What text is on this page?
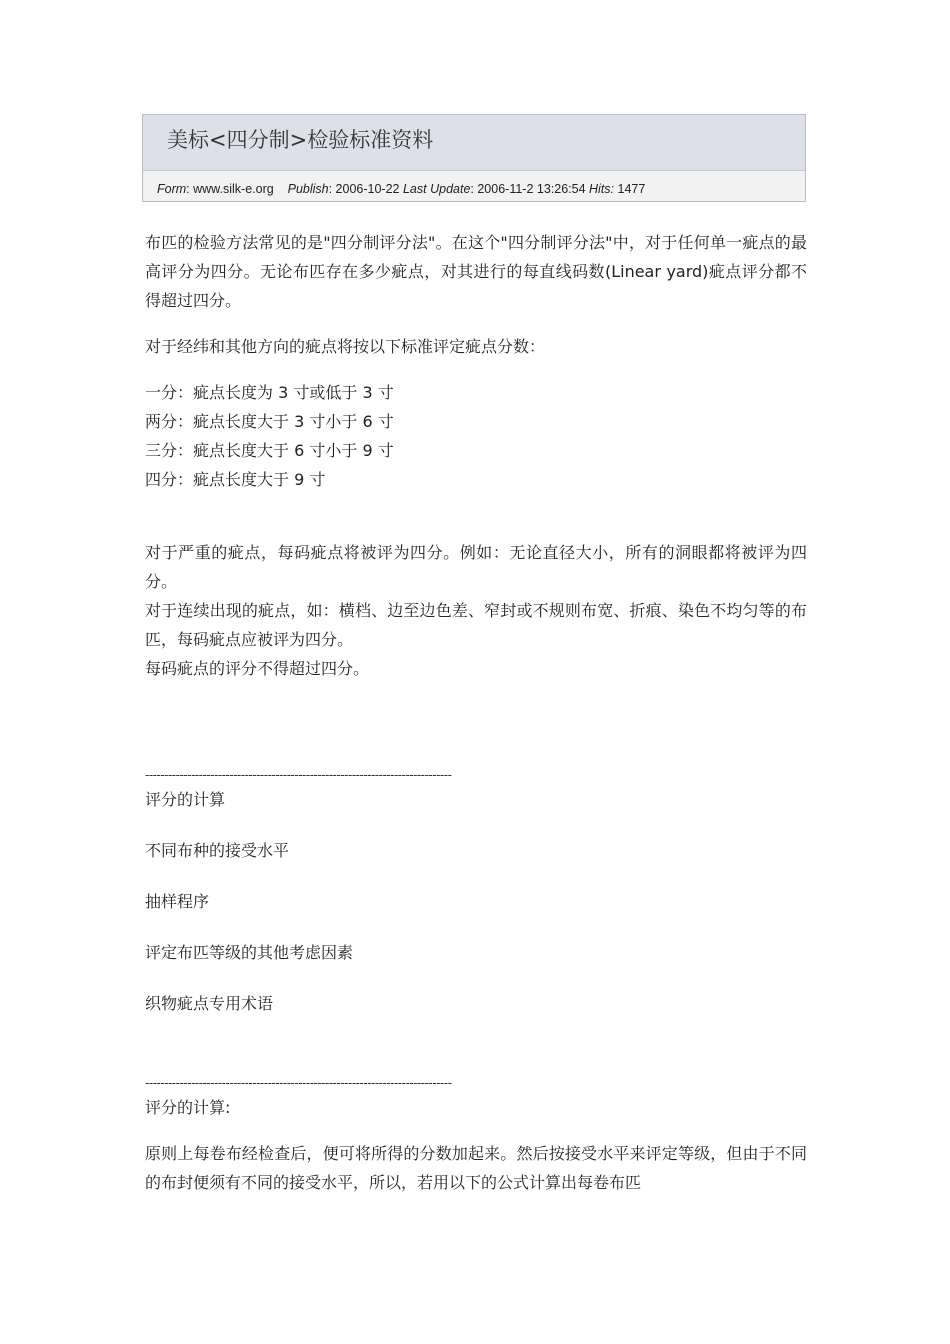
美标<四分制>检验标准资料
Form: www.silk-e.org Publish: 2006-10-22 Last Update: 2006-11-2 13:26:54 Hits: 1477

布匹的检验方法常见的是"四分制评分法"。在这个"四分制评分法"中，对于任何单一疵点的最高评分为四分。无论布匹存在多少疵点，对其进行的每直线码数(Linear yard)疵点评分都不得超过四分。

对于经纬和其他方向的疵点将按以下标准评定疵点分数：

一分：疵点长度为 3 寸或低于 3 寸

两分：疵点长度大于 3 寸小于 6 寸

三分：疵点长度大于 6 寸小于 9 寸

四分：疵点长度大于 9 寸

对于严重的疵点，每码疵点将被评为四分。例如：无论直径大小，所有的洞眼都将被评为四分。

对于连续出现的疵点，如：横档、边至边色差、窄封或不规则布宽、折痕、染色不均匀等的布匹，每码疵点应被评为四分。

每码疵点的评分不得超过四分。

--------------------------------------------------------------------------------

评分的计算

不同布种的接受水平

抽样程序

评定布匹等级的其他考虑因素

织物疵点专用术语

--------------------------------------------------------------------------------

评分的计算:

原则上每卷布经检查后，便可将所得的分数加起来。然后按接受水平来评定等级，但由于不同的布封便须有不同的接受水平，所以，若用以下的公式计算出每卷布匹
